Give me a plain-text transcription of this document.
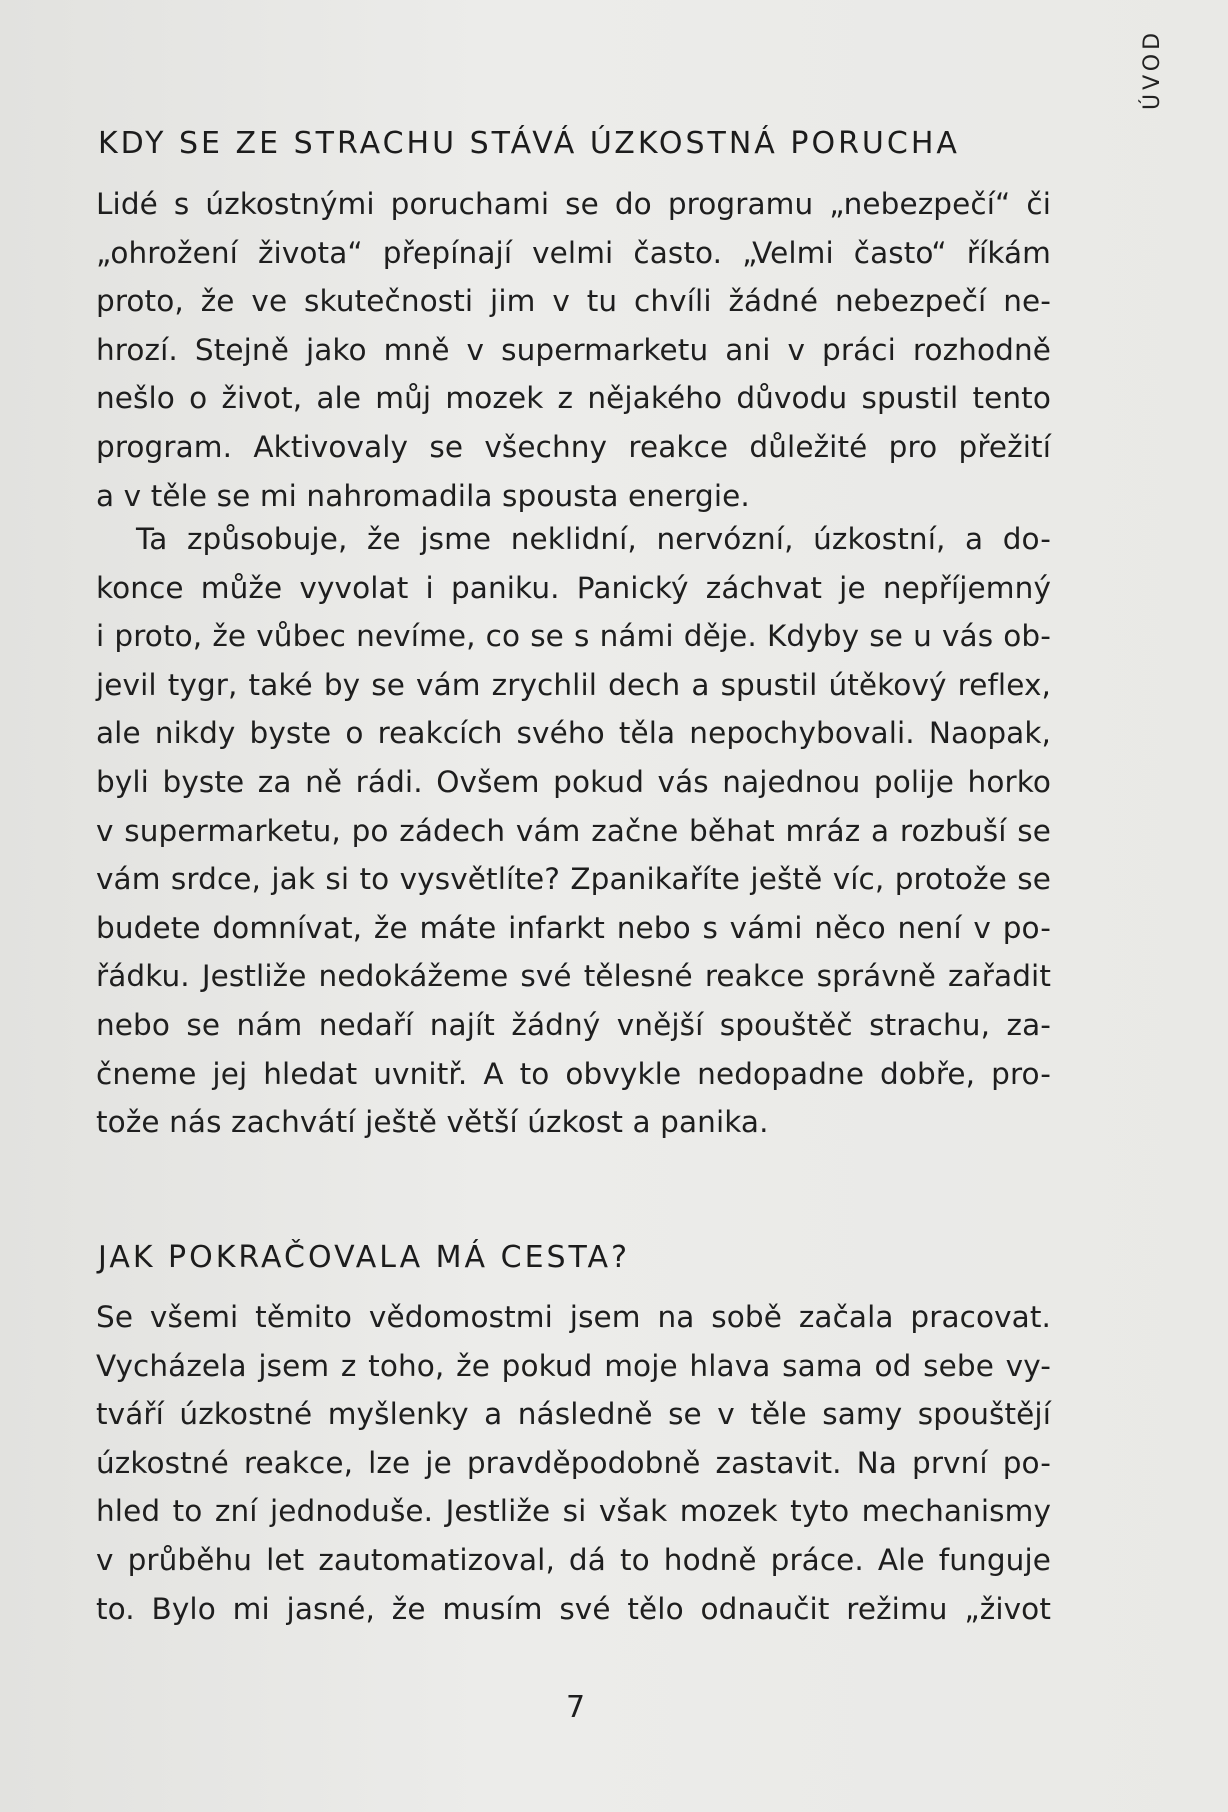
ÚVOD
KDY SE ZE STRACHU STÁVÁ ÚZKOSTNÁ PORUCHA
Lidé s úzkostnými poruchami se do programu „nebezpečí“ či
„ohrožení života“ přepínají velmi často. „Velmi často“ říkám
proto, že ve skutečnosti jim v tu chvíli žádné nebezpečí ne-
hrozí. Stejně jako mně v supermarketu ani v práci rozhodně
nešlo o život, ale můj mozek z nějakého důvodu spustil tento
program. Aktivovaly se všechny reakce důležité pro přežití
a v těle se mi nahromadila spousta energie.
Ta způsobuje, že jsme neklidní, nervózní, úzkostní, a do-
konce může vyvolat i paniku. Panický záchvat je nepříjemný
i proto, že vůbec nevíme, co se s námi děje. Kdyby se u vás ob-
jevil tygr, také by se vám zrychlil dech a spustil útěkový reflex,
ale nikdy byste o reakcích svého těla nepochybovali. Naopak,
byli byste za ně rádi. Ovšem pokud vás najednou polije horko
v supermarketu, po zádech vám začne běhat mráz a rozbuší se
vám srdce, jak si to vysvětlíte? Zpanikaříte ještě víc, protože se
budete domnívat, že máte infarkt nebo s vámi něco není v po-
řádku. Jestliže nedokážeme své tělesné reakce správně zařadit
nebo se nám nedaří najít žádný vnější spouštěč strachu, za-
čneme jej hledat uvnitř. A to obvykle nedopadne dobře, pro-
tože nás zachvátí ještě větší úzkost a panika.
JAK POKRAČOVALA MÁ CESTA?
Se všemi těmito vědomostmi jsem na sobě začala pracovat.
Vycházela jsem z toho, že pokud moje hlava sama od sebe vy-
tváří úzkostné myšlenky a následně se v těle samy spouštějí
úzkostné reakce, lze je pravděpodobně zastavit. Na první po-
hled to zní jednoduše. Jestliže si však mozek tyto mechanismy
v průběhu let zautomatizoval, dá to hodně práce. Ale funguje
to. Bylo mi jasné, že musím své tělo odnaučit režimu „život
7
